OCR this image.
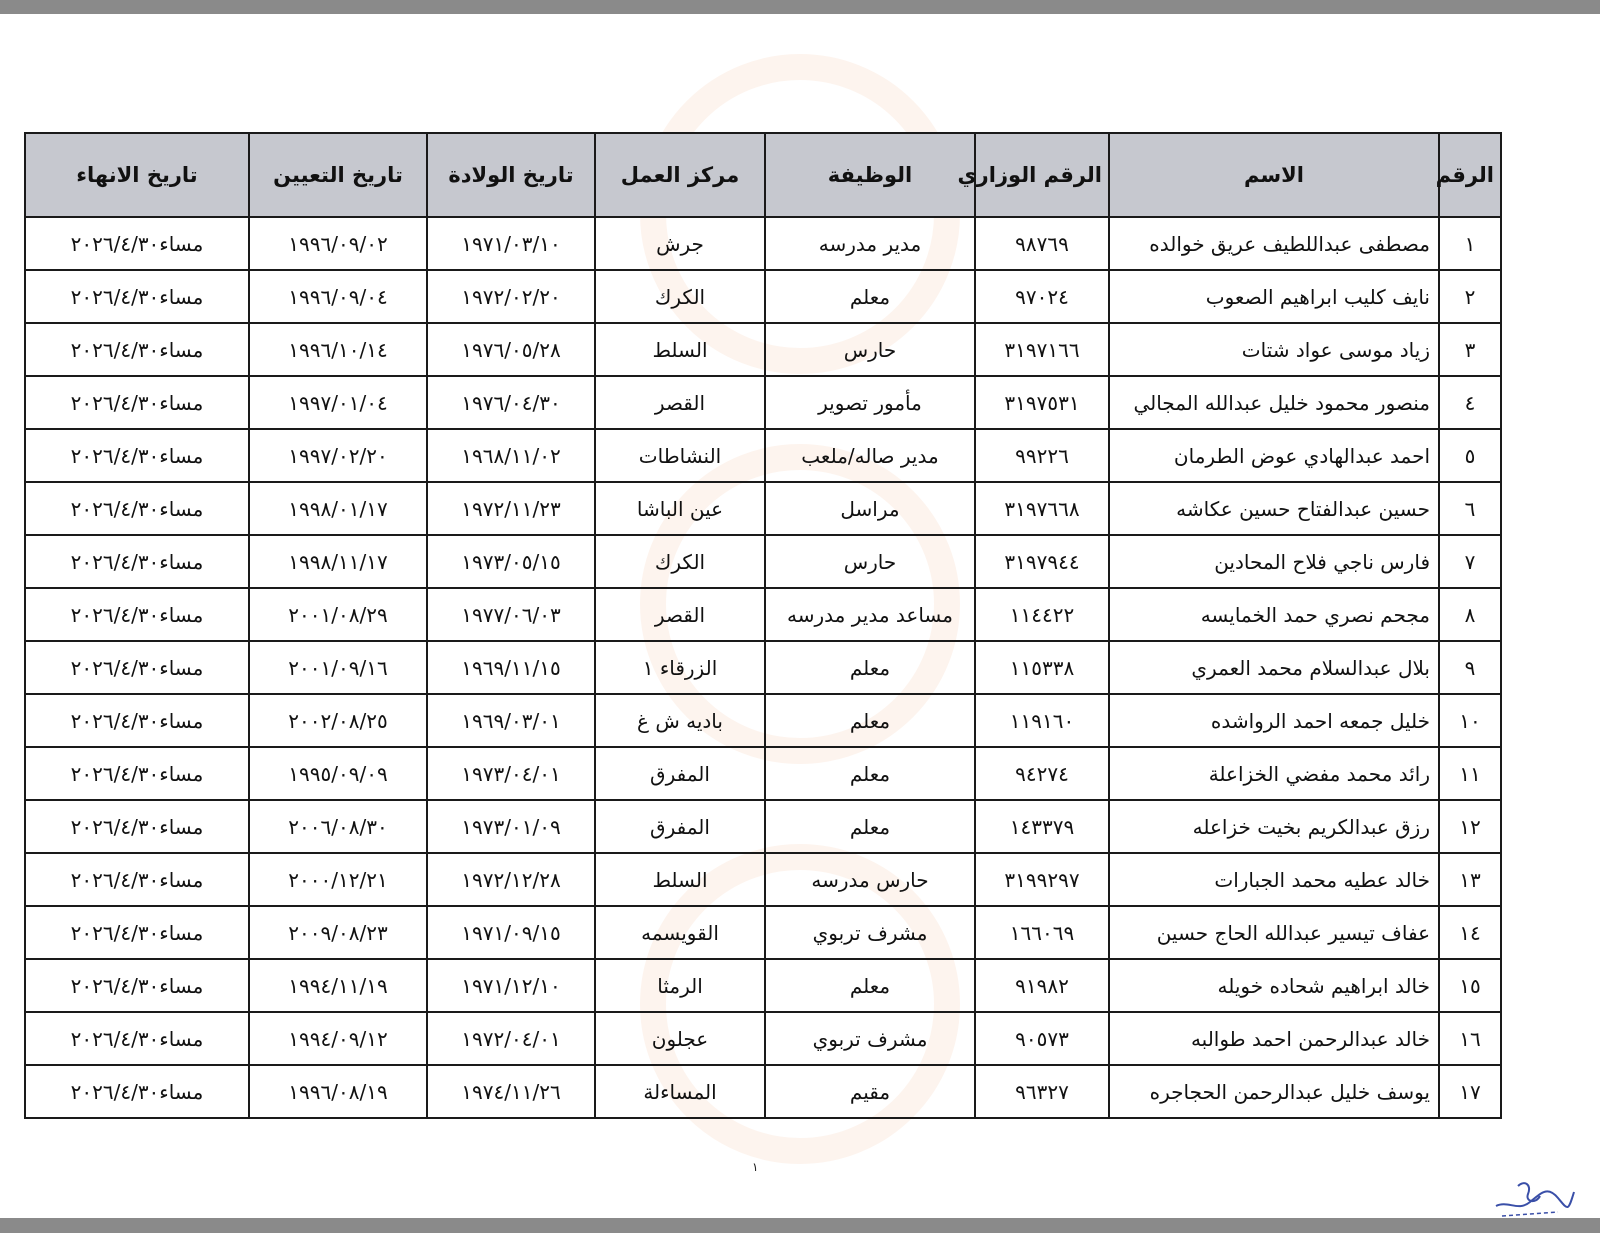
الرقم	الاسم	الرقم الوزاري	الوظيفة	مركز العمل	تاريخ الولادة	تاريخ التعيين	تاريخ الانهاء
١	مصطفى عبداللطيف عريق خوالده	٩٨٧٦٩	مدير مدرسه	جرش	١٩٧١/٠٣/١٠	١٩٩٦/٠٩/٠٢	مساء٢٠٢٦/٤/٣٠
٢	نايف كليب ابراهيم الصعوب	٩٧٠٢٤	معلم	الكرك	١٩٧٢/٠٢/٢٠	١٩٩٦/٠٩/٠٤	مساء٢٠٢٦/٤/٣٠
٣	زياد موسى عواد شتات	٣١٩٧١٦٦	حارس	السلط	١٩٧٦/٠٥/٢٨	١٩٩٦/١٠/١٤	مساء٢٠٢٦/٤/٣٠
٤	منصور محمود خليل عبدالله المجالي	٣١٩٧٥٣١	مأمور تصوير	القصر	١٩٧٦/٠٤/٣٠	١٩٩٧/٠١/٠٤	مساء٢٠٢٦/٤/٣٠
٥	احمد عبدالهادي عوض الطرمان	٩٩٢٢٦	مدير صاله/ملعب	النشاطات	١٩٦٨/١١/٠٢	١٩٩٧/٠٢/٢٠	مساء٢٠٢٦/٤/٣٠
٦	حسين عبدالفتاح حسين عكاشه	٣١٩٧٦٦٨	مراسل	عين الباشا	١٩٧٢/١١/٢٣	١٩٩٨/٠١/١٧	مساء٢٠٢٦/٤/٣٠
٧	فارس ناجي فلاح المحادين	٣١٩٧٩٤٤	حارس	الكرك	١٩٧٣/٠٥/١٥	١٩٩٨/١١/١٧	مساء٢٠٢٦/٤/٣٠
٨	مجحم نصري حمد الخمايسه	١١٤٤٢٢	مساعد مدير مدرسه	القصر	١٩٧٧/٠٦/٠٣	٢٠٠١/٠٨/٢٩	مساء٢٠٢٦/٤/٣٠
٩	بلال عبدالسلام محمد العمري	١١٥٣٣٨	معلم	الزرقاء ١	١٩٦٩/١١/١٥	٢٠٠١/٠٩/١٦	مساء٢٠٢٦/٤/٣٠
١٠	خليل جمعه احمد الرواشده	١١٩١٦٠	معلم	باديه ش غ	١٩٦٩/٠٣/٠١	٢٠٠٢/٠٨/٢٥	مساء٢٠٢٦/٤/٣٠
١١	رائد محمد مفضي الخزاعلة	٩٤٢٧٤	معلم	المفرق	١٩٧٣/٠٤/٠١	١٩٩٥/٠٩/٠٩	مساء٢٠٢٦/٤/٣٠
١٢	رزق عبدالكريم بخيت خزاعله	١٤٣٣٧٩	معلم	المفرق	١٩٧٣/٠١/٠٩	٢٠٠٦/٠٨/٣٠	مساء٢٠٢٦/٤/٣٠
١٣	خالد عطيه محمد الجبارات	٣١٩٩٢٩٧	حارس مدرسه	السلط	١٩٧٢/١٢/٢٨	٢٠٠٠/١٢/٢١	مساء٢٠٢٦/٤/٣٠
١٤	عفاف تيسير عبدالله الحاج حسين	١٦٦٠٦٩	مشرف تربوي	القويسمه	١٩٧١/٠٩/١٥	٢٠٠٩/٠٨/٢٣	مساء٢٠٢٦/٤/٣٠
١٥	خالد ابراهيم شحاده خويله	٩١٩٨٢	معلم	الرمثا	١٩٧١/١٢/١٠	١٩٩٤/١١/١٩	مساء٢٠٢٦/٤/٣٠
١٦	خالد عبدالرحمن احمد طوالبه	٩٠٥٧٣	مشرف تربوي	عجلون	١٩٧٢/٠٤/٠١	١٩٩٤/٠٩/١٢	مساء٢٠٢٦/٤/٣٠
١٧	يوسف خليل عبدالرحمن الحجاجره	٩٦٣٢٧	مقيم	المساءلة	١٩٧٤/١١/٢٦	١٩٩٦/٠٨/١٩	مساء٢٠٢٦/٤/٣٠
١
